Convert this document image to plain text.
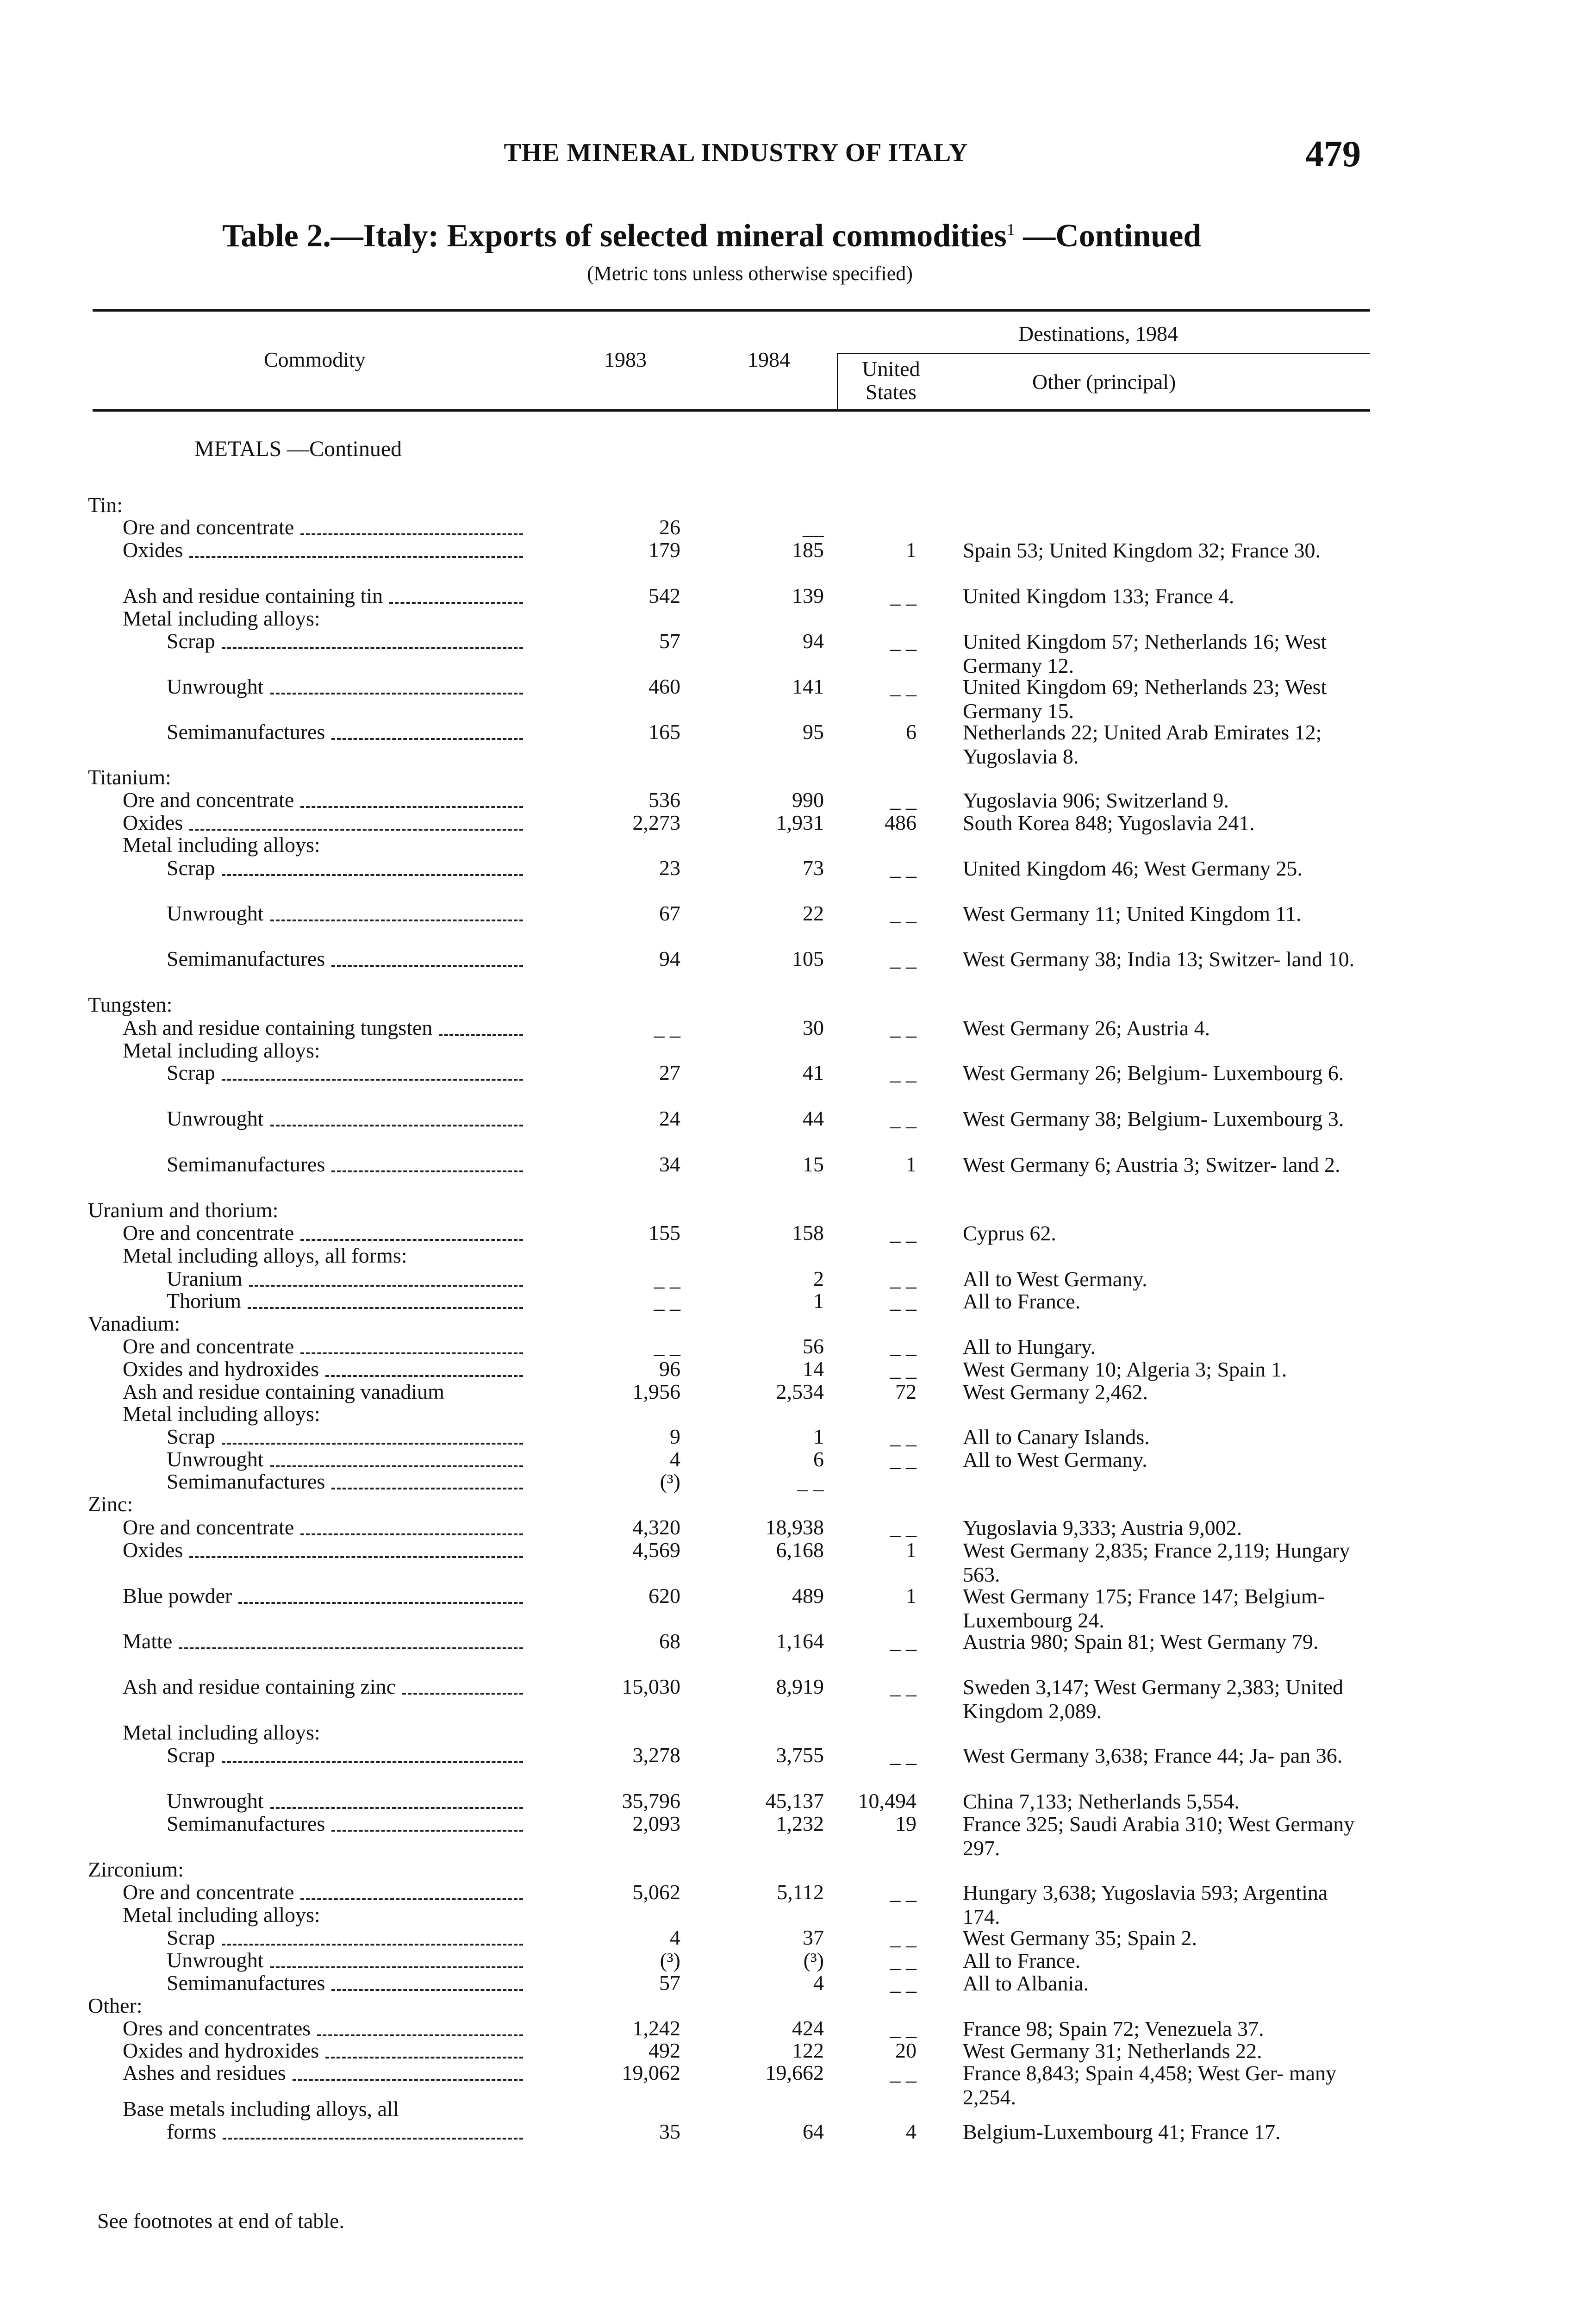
THE MINERAL INDUSTRY OF ITALY	479
Table 2.—Italy: Exports of selected mineral commodities$^1$ —Continued
(Metric tons unless otherwise specified)
Commodity	1983	1984
Destinations, 1984
United States	Other (principal)
METALS —Continued
Tin:
Ore and concentrate	26	__
Oxides	179	185	1 Spain 53; United Kingdom 32; France 30.
Ash and residue containing tin	542	139	_ _ United Kingdom 133; France 4.
Metal including alloys:
Scrap	57	94	_ _ United Kingdom 57; Netherlands 16; West Germany 12.
Unwrought	460	141	_ _ United Kingdom 69; Netherlands 23; West Germany 15.
Semimanufactures	165	95	6 Netherlands 22; United Arab Emirates 12; Yugoslavia 8.
Titanium:
Ore and concentrate	536	990	_ _ Yugoslavia 906; Switzerland 9.
Oxides	2,273	1,931	486 South Korea 848; Yugoslavia 241.
Metal including alloys:
Scrap	23	73	_ _ United Kingdom 46; West Germany 25.
Unwrought	67	22	_ _ West Germany 11; United Kingdom 11.
Semimanufactures	94	105	_ _ West Germany 38; India 13; Switzer- land 10.
Tungsten:
Ash and residue containing tungsten	_ _	30	_ _ West Germany 26; Austria 4.
Metal including alloys:
Scrap	27	41	_ _ West Germany 26; Belgium- Luxembourg 6.
Unwrought	24	44	_ _ West Germany 38; Belgium- Luxembourg 3.
Semimanufactures	34	15	1 West Germany 6; Austria 3; Switzer- land 2.
Uranium and thorium:
Ore and concentrate	155	158	_ _ Cyprus 62.
Metal including alloys, all forms:
Uranium	_ _	2	_ _ All to West Germany.
Thorium	_ _	1	_ _ All to France.
Vanadium:
Ore and concentrate	_ _	56	_ _ All to Hungary.
Oxides and hydroxides	96	14	_ _ West Germany 10; Algeria 3; Spain 1.
Ash and residue containing vanadium	1,956	2,534	72 West Germany 2,462.
Metal including alloys:
Scrap	9	1	_ _ All to Canary Islands.
Unwrought	4	6	_ _ All to West Germany.
Semimanufactures	(³)	_ _
Zinc:
Ore and concentrate	4,320	18,938	_ _ Yugoslavia 9,333; Austria 9,002.
Oxides	4,569	6,168	1 West Germany 2,835; France 2,119; Hungary 563.
Blue powder	620	489	1 West Germany 175; France 147; Belgium-Luxembourg 24.
Matte	68	1,164	_ _ Austria 980; Spain 81; West Germany 79.
Ash and residue containing zinc	15,030	8,919	_ _ Sweden 3,147; West Germany 2,383; United Kingdom 2,089.
Metal including alloys:
Scrap	3,278	3,755	_ _ West Germany 3,638; France 44; Ja- pan 36.
Unwrought	35,796	45,137 10,494 China 7,133; Netherlands 5,554.
Semimanufactures	2,093	1,232	19 France 325; Saudi Arabia 310; West Germany 297.
Zirconium:
Ore and concentrate	5,062	5,112	_ _ Hungary 3,638; Yugoslavia 593; Argentina 174.
Metal including alloys:
Scrap	4	37	_ _ West Germany 35; Spain 2.
Unwrought	(³)	(³)	_ _ All to France.
Semimanufactures	57	4	_ _ All to Albania.
Other:
Ores and concentrates	1,242	424	_ _ France 98; Spain 72; Venezuela 37.
Oxides and hydroxides	492	122	20 West Germany 31; Netherlands 22.
Ashes and residues	19,062	19,662	_ _ France 8,843; Spain 4,458; West Ger- many 2,254.
Base metals including alloys, all
forms	35	64	4 Belgium-Luxembourg 41; France 17.
See footnotes at end of table.
